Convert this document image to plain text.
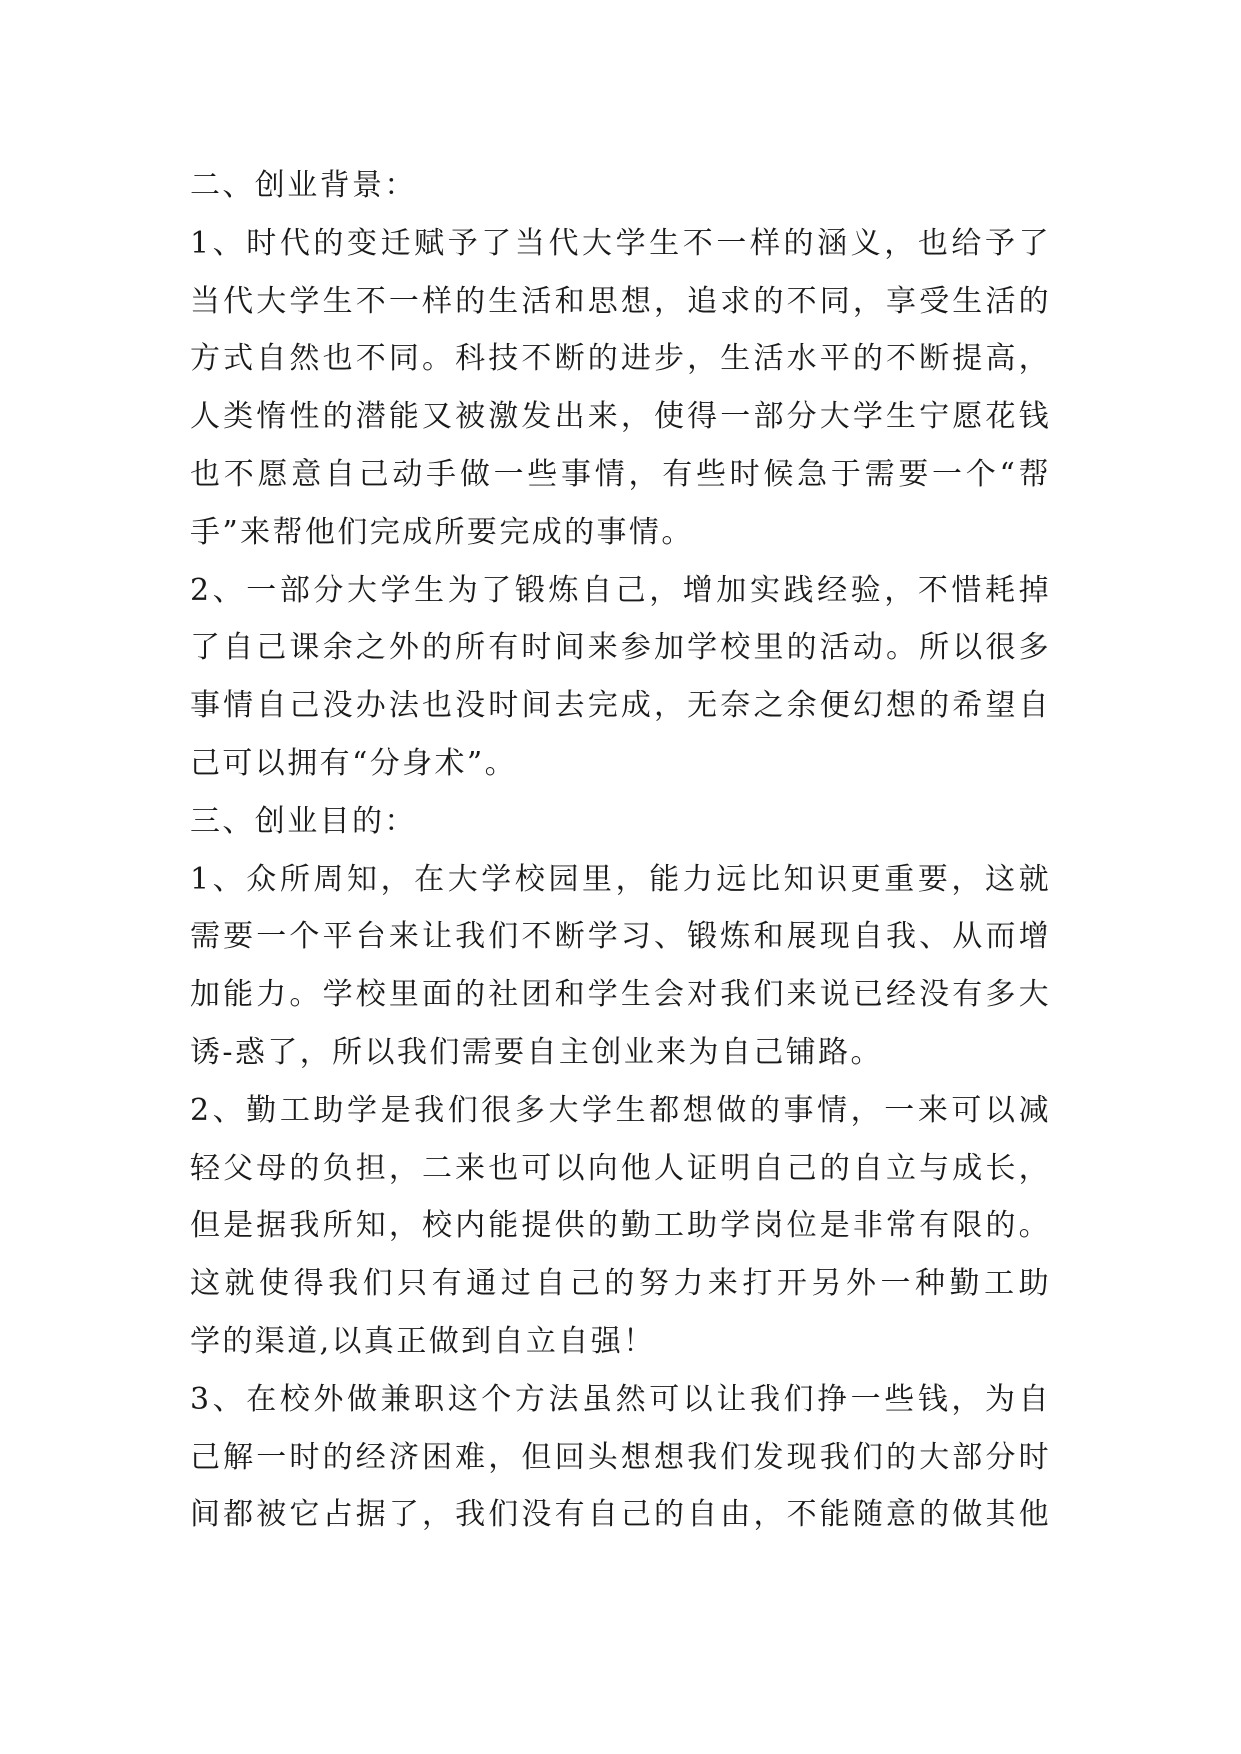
二、创业背景：
1、时代的变迁赋予了当代大学生不一样的涵义，也给予了
当代大学生不一样的生活和思想，追求的不同，享受生活的
方式自然也不同。科技不断的进步，生活水平的不断提高，
人类惰性的潜能又被激发出来，使得一部分大学生宁愿花钱
也不愿意自己动手做一些事情，有些时候急于需要一个“帮
手”来帮他们完成所要完成的事情。
2、一部分大学生为了锻炼自己，增加实践经验，不惜耗掉
了自己课余之外的所有时间来参加学校里的活动。所以很多
事情自己没办法也没时间去完成，无奈之余便幻想的希望自
己可以拥有“分身术”。
三、创业目的：
1、众所周知，在大学校园里，能力远比知识更重要，这就
需要一个平台来让我们不断学习、锻炼和展现自我、从而增
加能力。学校里面的社团和学生会对我们来说已经没有多大
诱-惑了，所以我们需要自主创业来为自己铺路。
2、勤工助学是我们很多大学生都想做的事情，一来可以减
轻父母的负担，二来也可以向他人证明自己的自立与成长，
但是据我所知，校内能提供的勤工助学岗位是非常有限的。
这就使得我们只有通过自己的努力来打开另外一种勤工助
学的渠道,以真正做到自立自强！
3、在校外做兼职这个方法虽然可以让我们挣一些钱，为自
己解一时的经济困难，但回头想想我们发现我们的大部分时
间都被它占据了，我们没有自己的自由，不能随意的做其他
